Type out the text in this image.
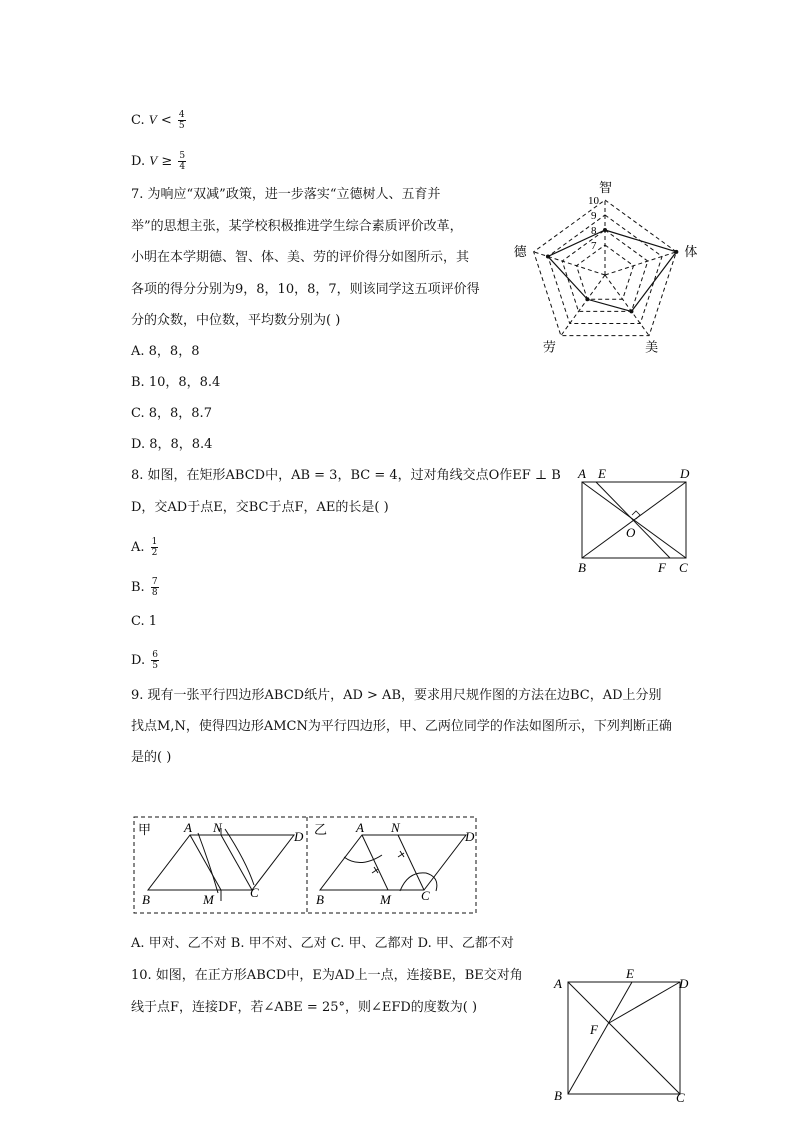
C. $V < \frac{4}{5}$
D. $V \ge \frac{5}{4}$
7. 为响应“双减”政策，进一步落实“立德树人、五育并
举”的思想主张，某学校积极推进学生综合素质评价改革，
小明在本学期德、智、体、美、劳的评价得分如图所示，其
各项的得分分别为9，8，10，8，7，则该同学这五项评价得
分的众数，中位数，平均数分别为( )
A. 8，8，8
B. 10，8，8.4
C. 8，8，8.7
D. 8，8，8.4
7
8
9
10
智
体
美
劳
德
8. 如图，在矩形ABCD中，AB = 3，BC = 4，过对角线交点O作EF ⊥ B
D，交AD于点E，交BC于点F，AE的长是( )
A. $\frac{1}{2}$
B. $\frac{7}{8}$
C. 1
D. $\frac{6}{5}$
A E	D
O
B	F C
9. 现有一张平行四边形ABCD纸片，AD > AB，要求用尺规作图的方法在边BC，AD上分别
找点M,N，使得四边形AMCN为平行四边形，甲、乙两位同学的作法如图所示，下列判断正确
是的( )
甲	A N
D
B	M	C
乙 A N
D
B	M C
A. 甲对、乙不对 B. 甲不对、乙对 C. 甲、乙都对 D. 甲、乙都不对
10. 如图，在正方形ABCD中，E为AD上一点，连接BE，BE交对角
线于点F，连接DF，若∠ABE = 25°，则∠EFD的度数为( )
A
E
D
F
B	C
